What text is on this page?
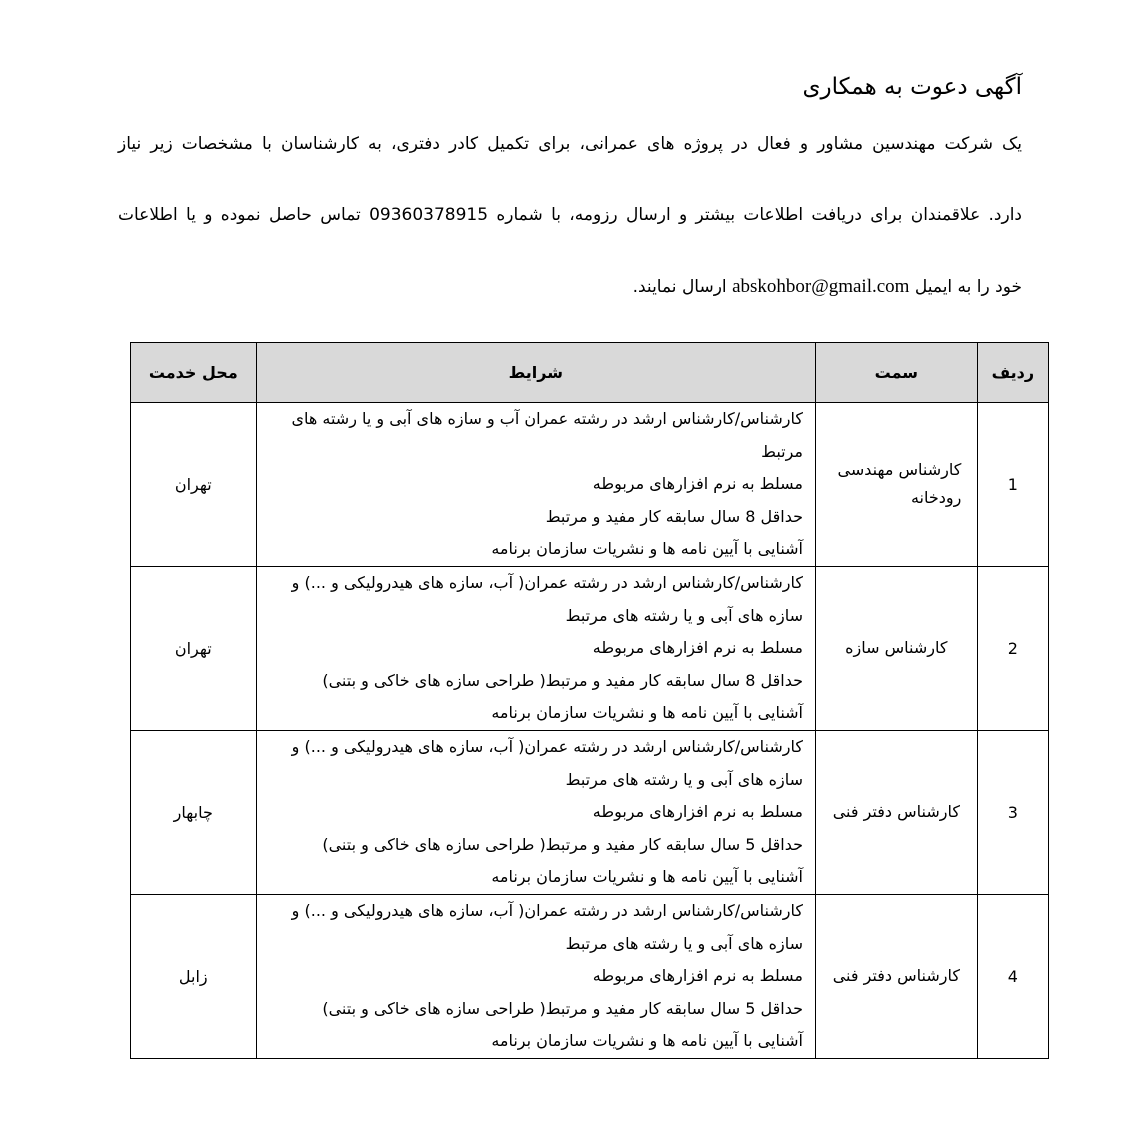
آگهی دعوت به همکاری
یک شرکت مهندسین مشاور و فعال در پروژه های عمرانی، برای تکمیل کادر دفتری، به کارشناسان با مشخصات زیر نیاز
دارد. علاقمندان برای دریافت اطلاعات بیشتر و ارسال رزومه، با شماره 09360378915 تماس حاصل نموده و یا اطلاعات
خود را به ایمیل abskohbor@gmail.com ارسال نمایند.
ردیف	سمت	شرایط	محل خدمت
1	کارشناس مهندسی رودخانه	کارشناس/کارشناس ارشد در رشته عمران آب و سازه های آبی و یا رشته های مرتبط
مسلط به نرم افزارهای مربوطه
حداقل 8 سال سابقه کار مفید و مرتبط
آشنایی با آیین نامه ها و نشریات سازمان برنامه	تهران
2	کارشناس سازه	کارشناس/کارشناس ارشد در رشته عمران( آب، سازه های هیدرولیکی و ...) و سازه های آبی و یا رشته های مرتبط
مسلط به نرم افزارهای مربوطه
حداقل 8 سال سابقه کار مفید و مرتبط( طراحی سازه های خاکی و بتنی)
آشنایی با آیین نامه ها و نشریات سازمان برنامه	تهران
3	کارشناس دفتر فنی	کارشناس/کارشناس ارشد در رشته عمران( آب، سازه های هیدرولیکی و ...) و سازه های آبی و یا رشته های مرتبط
مسلط به نرم افزارهای مربوطه
حداقل 5 سال سابقه کار مفید و مرتبط( طراحی سازه های خاکی و بتنی)
آشنایی با آیین نامه ها و نشریات سازمان برنامه	چابهار
4	کارشناس دفتر فنی	کارشناس/کارشناس ارشد در رشته عمران( آب، سازه های هیدرولیکی و ...) و سازه های آبی و یا رشته های مرتبط
مسلط به نرم افزارهای مربوطه
حداقل 5 سال سابقه کار مفید و مرتبط( طراحی سازه های خاکی و بتنی)
آشنایی با آیین نامه ها و نشریات سازمان برنامه	زابل
